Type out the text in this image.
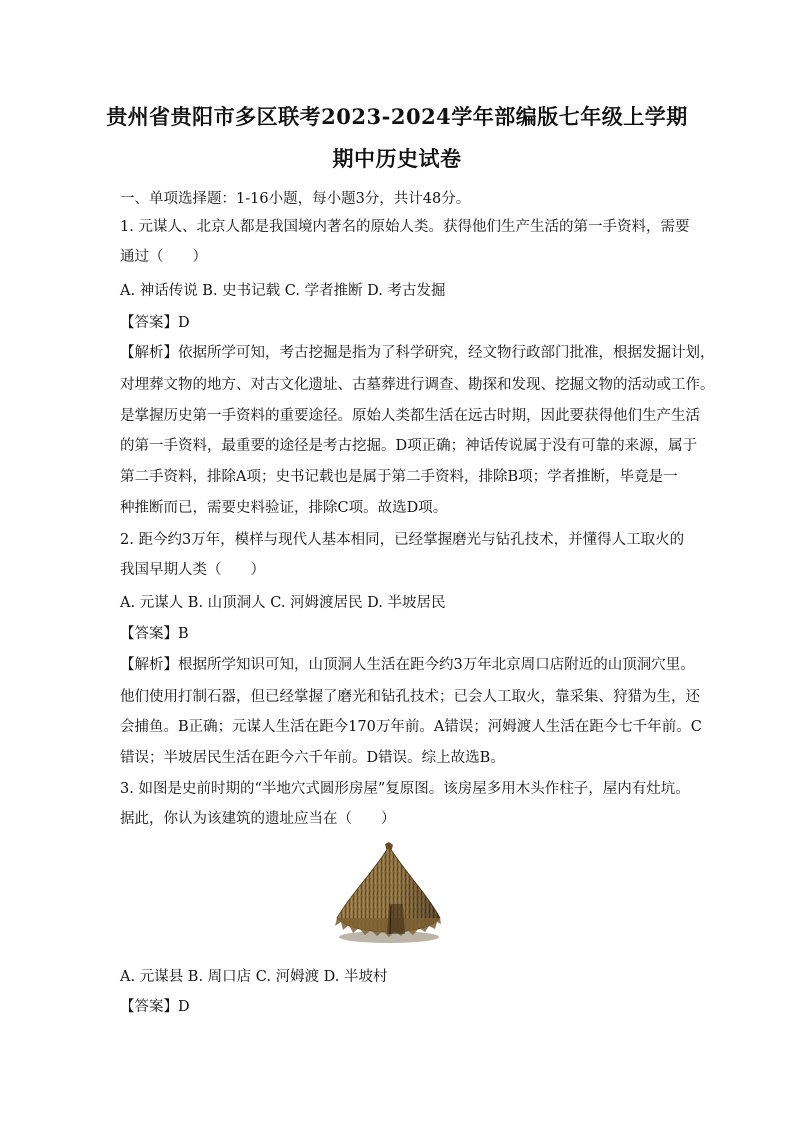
贵州省贵阳市多区联考2023-2024学年部编版七年级上学期
期中历史试卷
一、单项选择题：1-16小题，每小题3分，共计48分。
1. 元谋人、北京人都是我国境内著名的原始人类。获得他们生产生活的第一手资料，需要
通过（　　）
A. 神话传说 B. 史书记载 C. 学者推断 D. 考古发掘
【答案】D
【解析】依据所学可知，考古挖掘是指为了科学研究，经文物行政部门批准，根据发掘计划，
对埋葬文物的地方、对古文化遗址、古墓葬进行调查、勘探和发现、挖掘文物的活动或工作。
是掌握历史第一手资料的重要途径。原始人类都生活在远古时期，因此要获得他们生产生活
的第一手资料，最重要的途径是考古挖掘。D项正确；神话传说属于没有可靠的来源，属于
第二手资料，排除A项；史书记载也是属于第二手资料，排除B项；学者推断，毕竟是一
种推断而已，需要史料验证，排除C项。故选D项。
2. 距今约3万年，模样与现代人基本相同，已经掌握磨光与钻孔技术，并懂得人工取火的
我国早期人类（　　）
A. 元谋人 B. 山顶洞人 C. 河姆渡居民 D. 半坡居民
【答案】B
【解析】根据所学知识可知，山顶洞人生活在距今约3万年北京周口店附近的山顶洞穴里。
他们使用打制石器，但已经掌握了磨光和钻孔技术；已会人工取火，靠采集、狩猎为生，还
会捕鱼。B正确；元谋人生活在距今170万年前。A错误；河姆渡人生活在距今七千年前。C
错误；半坡居民生活在距今六千年前。D错误。综上故选B。
3. 如图是史前时期的“半地穴式圆形房屋”复原图。该房屋多用木头作柱子，屋内有灶坑。
据此，你认为该建筑的遗址应当在（　　）
A. 元谋县 B. 周口店 C. 河姆渡 D. 半坡村
【答案】D
